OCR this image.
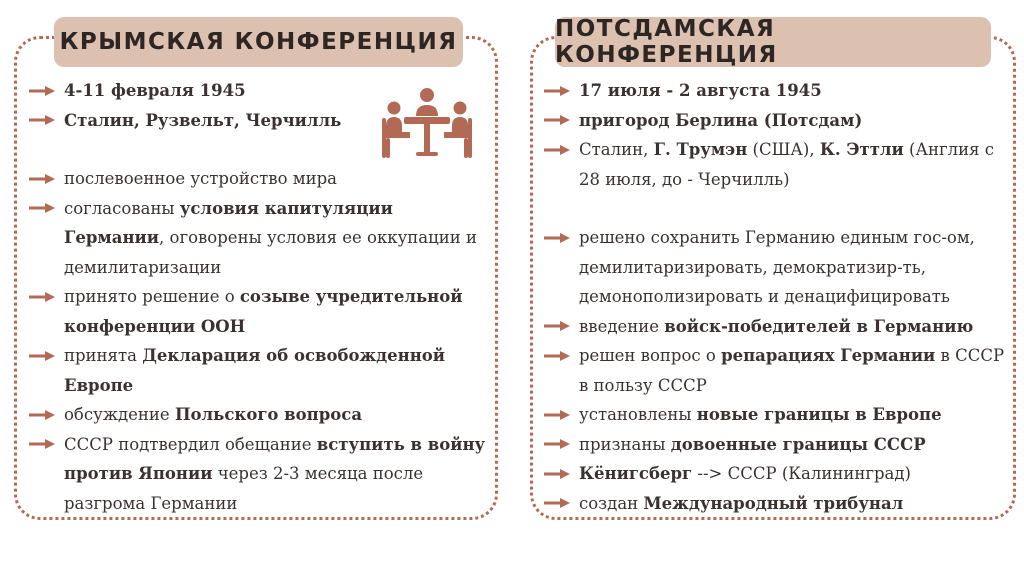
КРЫМСКАЯ КОНФЕРЕНЦИЯ	ПОТСДАМСКАЯ КОНФЕРЕНЦИЯ
4-11 февраля 1945
Сталин, Рузвельт, Черчилль
послевоенное устройство мира
согласованы условия капитуляции Германии, оговорены условия ее оккупации и демилитаризации
принято решение о созыве учредительной конференции ООН
принята Декларация об освобожденной Европе
обсуждение Польского вопроса
СССР подтвердил обещание вступить в войну против Японии через 2-3 месяца после разгрома Германии
17 июля - 2 августа 1945
пригород Берлина (Потсдам)
Сталин, Г. Трумэн (США), К. Эттли (Англия с 28 июля, до - Черчилль)
решено сохранить Германию единым гос-ом, демилитаризировать, демократизир-ть, демонополизировать и денацифицировать
введение войск-победителей в Германию
решен вопрос о репарациях Германии в СССР в пользу СССР
установлены новые границы в Европе
признаны довоенные границы СССР
Кёнигсберг --> СССР (Калининград)
создан Международный трибунал
